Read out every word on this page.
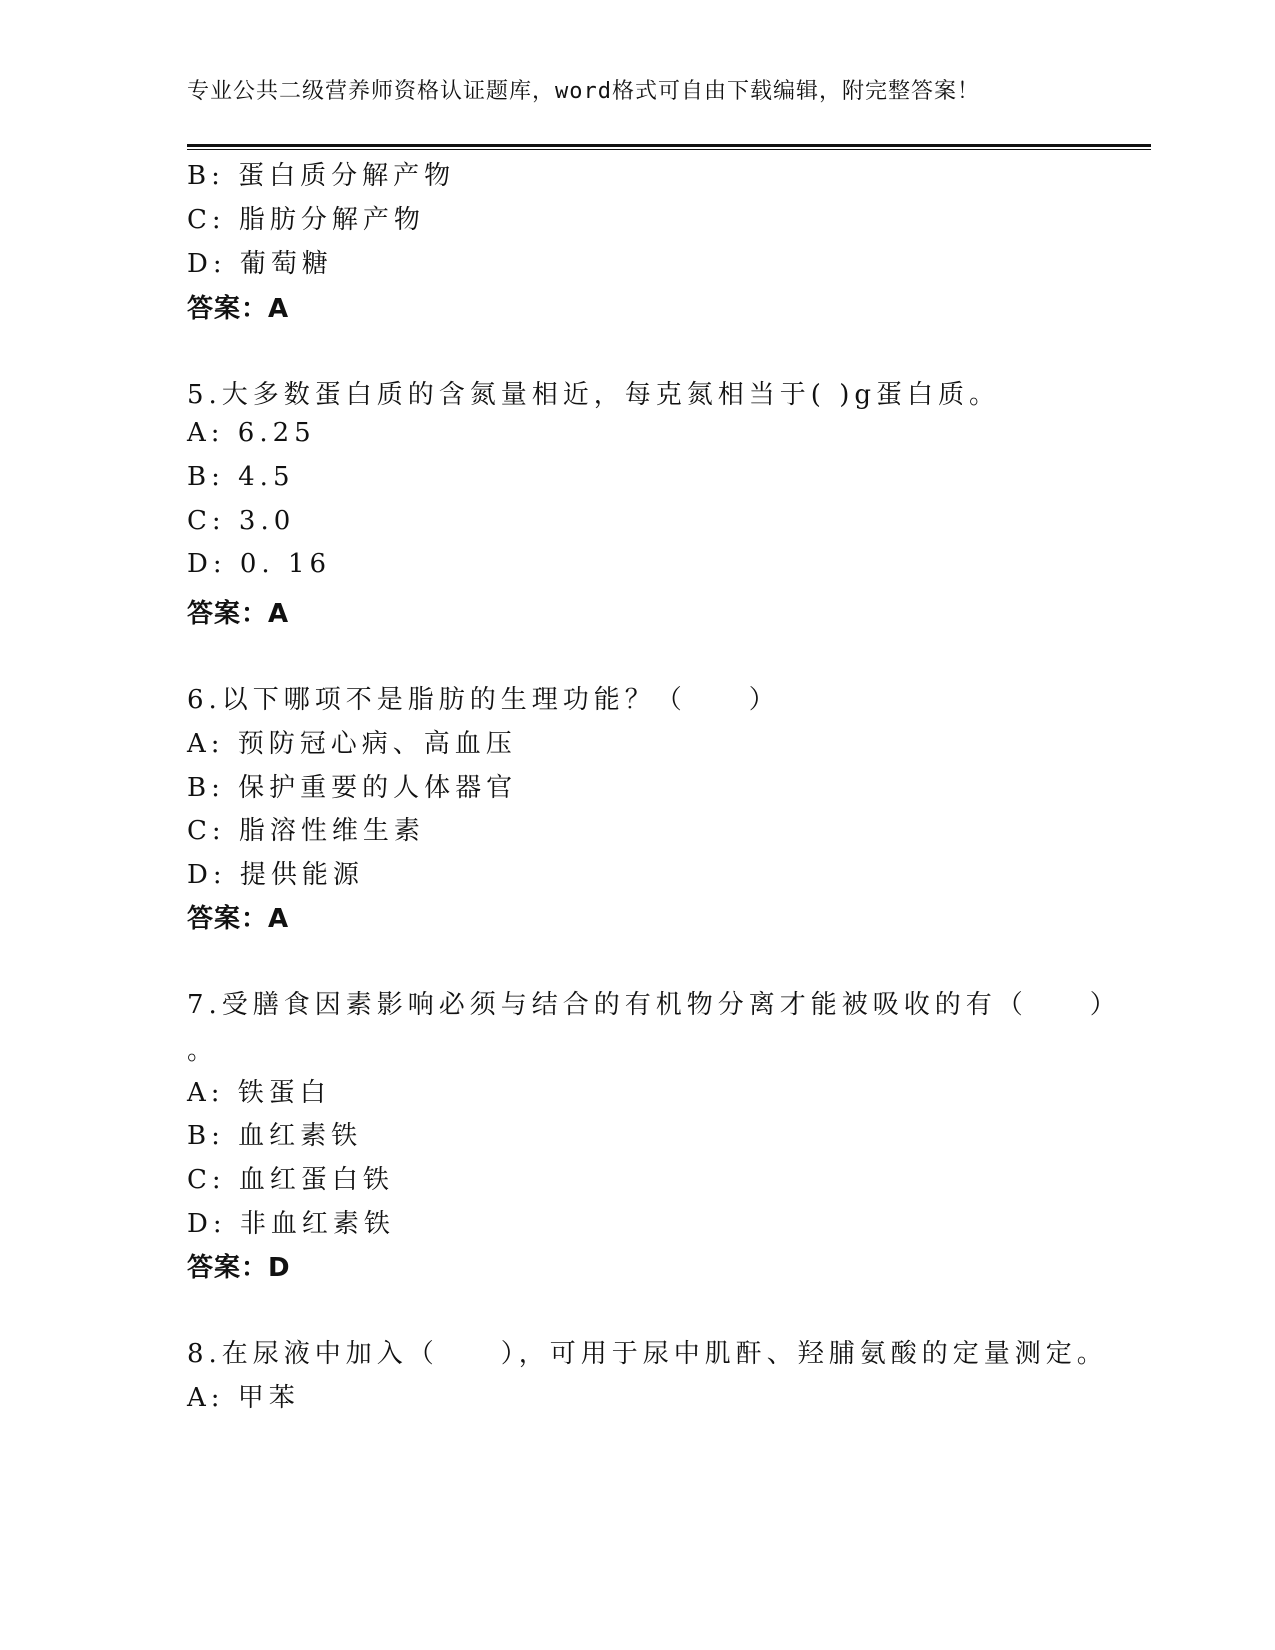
专业公共二级营养师资格认证题库，word格式可自由下载编辑，附完整答案！
B: 蛋白质分解产物
C: 脂肪分解产物
D: 葡萄糖
答案：A
5.大多数蛋白质的含氮量相近，每克氮相当于( )g蛋白质。
A: 6.25
B: 4.5
C: 3.0
D: 0. 16
答案：A
6.以下哪项不是脂肪的生理功能？（　　）
A: 预防冠心病、高血压
B: 保护重要的人体器官
C: 脂溶性维生素
D: 提供能源
答案：A
7.受膳食因素影响必须与结合的有机物分离才能被吸收的有（　　）
。
A: 铁蛋白
B: 血红素铁
C: 血红蛋白铁
D: 非血红素铁
答案：D
8.在尿液中加入（　　），可用于尿中肌酐、羟脯氨酸的定量测定。
A: 甲苯
